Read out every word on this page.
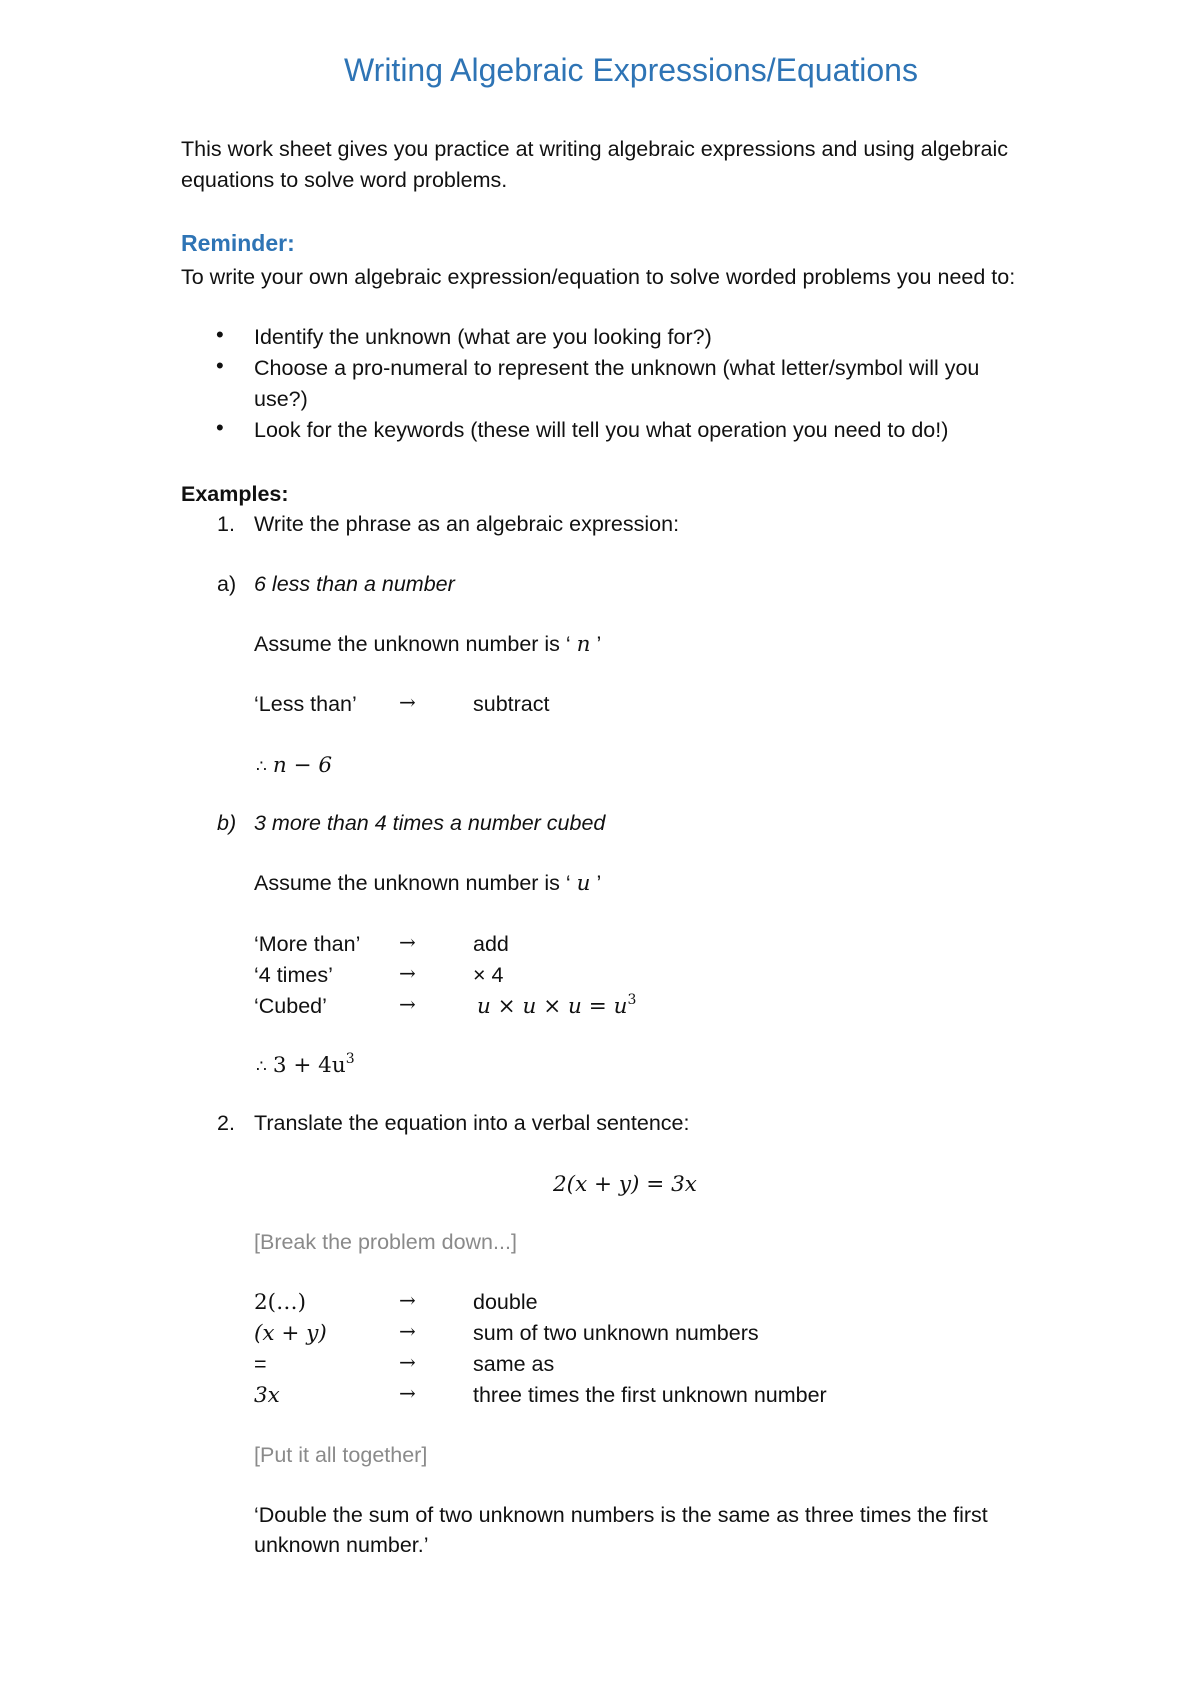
Writing Algebraic Expressions/Equations
This work sheet gives you practice at writing algebraic expressions and using algebraic
equations to solve word problems.
Reminder:
To write your own algebraic expression/equation to solve worded problems you need to:
• Identify the unknown (what are you looking for?)
• Choose a pro-numeral to represent the unknown (what letter/symbol will you
use?)
• Look for the keywords (these will tell you what operation you need to do!)
Examples:
1. Write the phrase as an algebraic expression:
a) 6 less than a number
Assume the unknown number is ‘ n ’
‘Less than’ →	subtract
∴ n − 6
b) 3 more than 4 times a number cubed
Assume the unknown number is ‘ u ’
‘More than’ →	add
‘4 times’	→	× 4
‘Cubed’	→	$u \times u \times u = u^3$
∴ $3 + 4u^3$
2. Translate the equation into a verbal sentence:
2(x + y) = 3x
[Break the problem down...]
2(…)	→	double
(x + y)	→	sum of two unknown numbers
=	→	same as
3x	→	three times the first unknown number
[Put it all together]
‘Double the sum of two unknown numbers is the same as three times the first
unknown number.’
